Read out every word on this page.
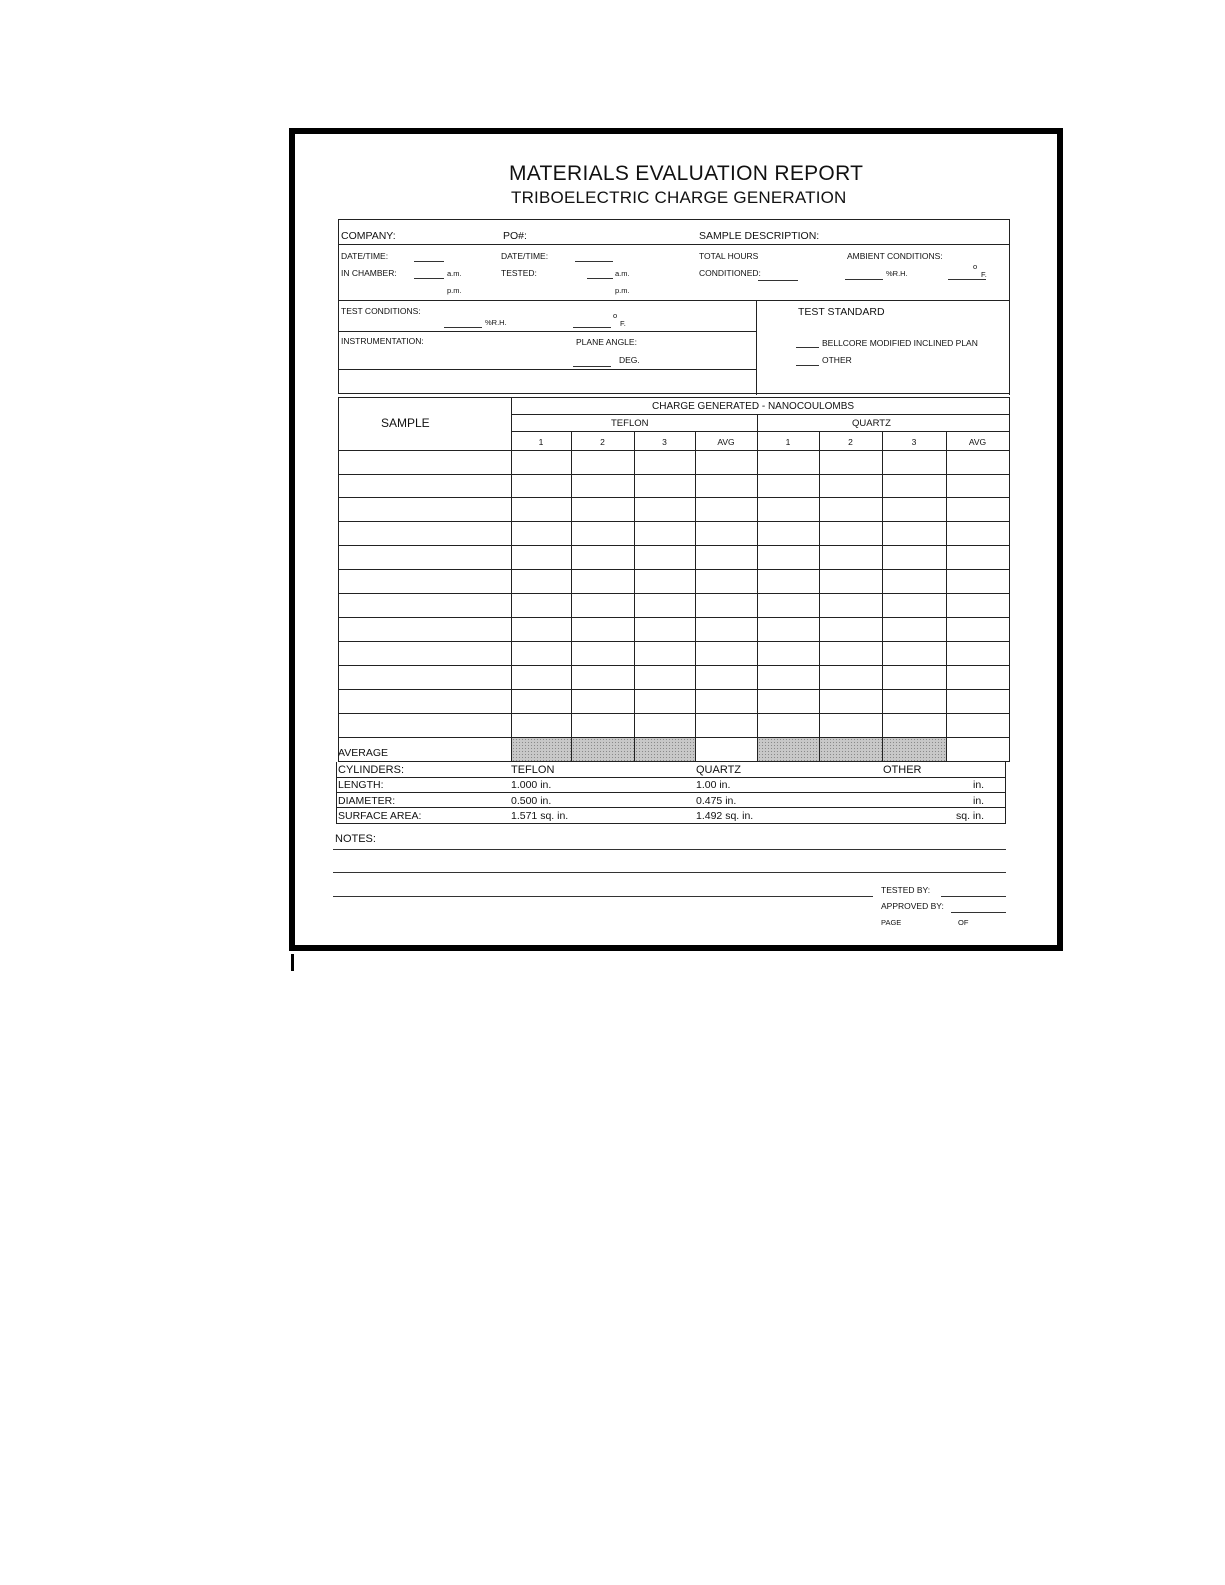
MATERIALS EVALUATION REPORT
TRIBOELECTRIC CHARGE GENERATION
COMPANY:	PO#:	SAMPLE DESCRIPTION:
DATE/TIME:
IN CHAMBER:	a.m.
p.m.
DATE/TIME:
TESTED:	a.m.
p.m.
TOTAL HOURS
CONDITIONED:
AMBIENT CONDITIONS:
%R.H.
o
F.
TEST CONDITIONS:
%R.H.
o
F.
INSTRUMENTATION:	PLANE ANGLE:
DEG.
TEST STANDARD
BELLCORE MODIFIED INCLINED PLAN
OTHER
SAMPLE
CHARGE GENERATED - NANOCOULOMBS
TEFLON	QUARTZ
1	2	3	AVG	1	2	3	AVG
AVERAGE
CYLINDERS:	TEFLON	QUARTZ	OTHER
LENGTH:	1.000 in.	1.00 in.	in.
DIAMETER:	0.500 in.	0.475 in.	in.
SURFACE AREA:	1.571 sq. in.	1.492 sq. in.	sq. in.
NOTES:
TESTED BY:
APPROVED BY:
PAGE	OF
